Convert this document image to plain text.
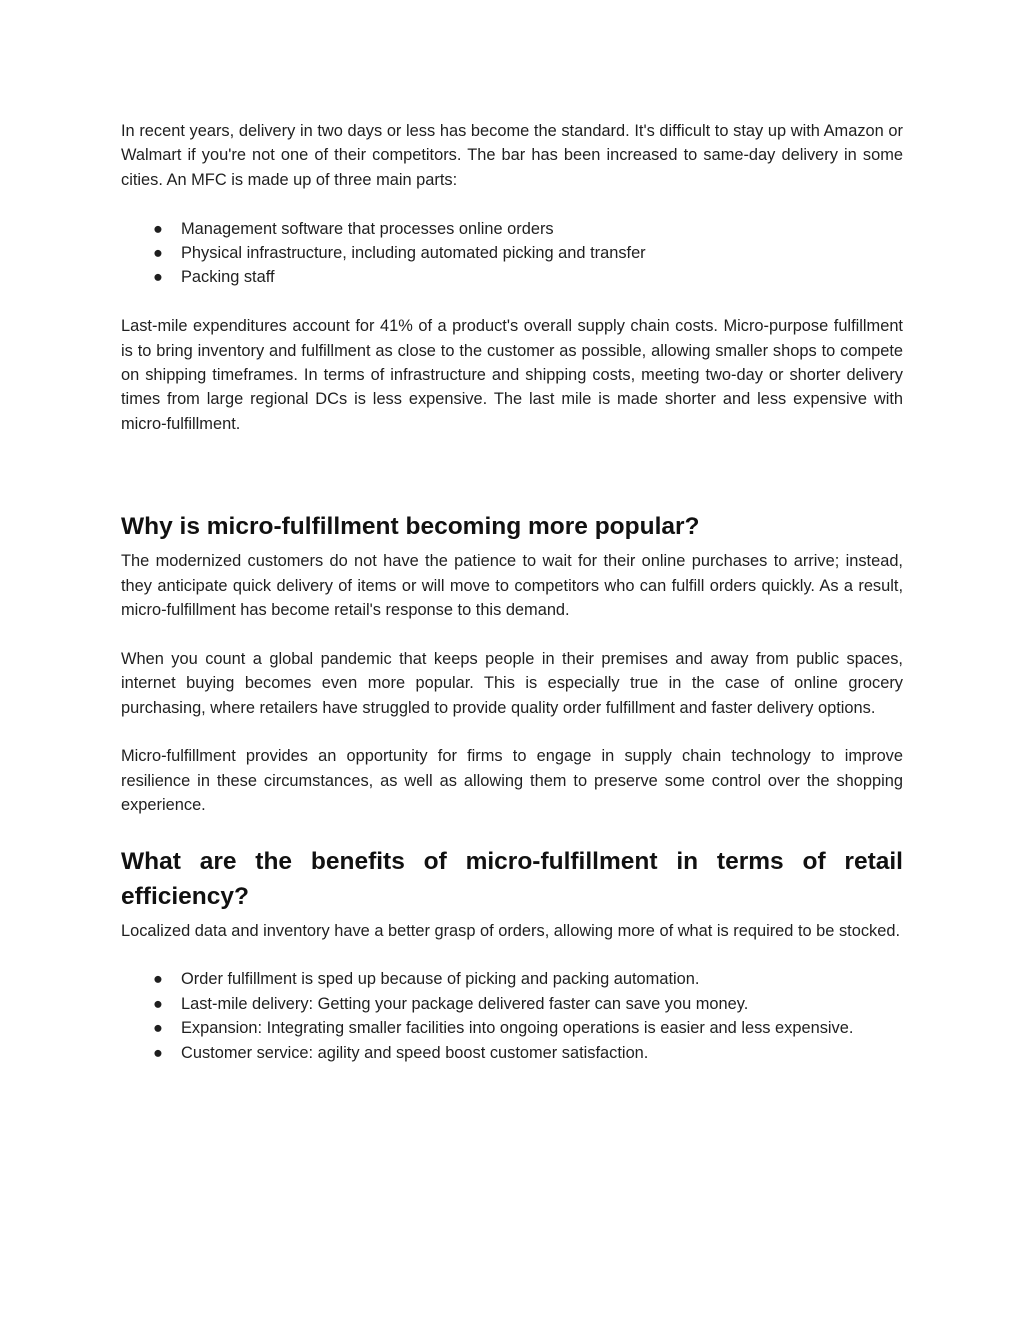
In recent years, delivery in two days or less has become the standard. It's difficult to stay up with Amazon or Walmart if you're not one of their competitors. The bar has been increased to same-day delivery in some cities. An MFC is made up of three main parts:

● Management software that processes online orders
● Physical infrastructure, including automated picking and transfer
● Packing staff

Last-mile expenditures account for 41% of a product's overall supply chain costs. Micro-purpose fulfillment is to bring inventory and fulfillment as close to the customer as possible, allowing smaller shops to compete on shipping timeframes. In terms of infrastructure and shipping costs, meeting two-day or shorter delivery times from large regional DCs is less expensive. The last mile is made shorter and less expensive with micro-fulfillment.

Why is micro-fulfillment becoming more popular?

The modernized customers do not have the patience to wait for their online purchases to arrive; instead, they anticipate quick delivery of items or will move to competitors who can fulfill orders quickly. As a result, micro-fulfillment has become retail's response to this demand.

When you count a global pandemic that keeps people in their premises and away from public spaces, internet buying becomes even more popular. This is especially true in the case of online grocery purchasing, where retailers have struggled to provide quality order fulfillment and faster delivery options.

Micro-fulfillment provides an opportunity for firms to engage in supply chain technology to improve resilience in these circumstances, as well as allowing them to preserve some control over the shopping experience.

What are the benefits of micro-fulfillment in terms of retail efficiency?

Localized data and inventory have a better grasp of orders, allowing more of what is required to be stocked.

● Order fulfillment is sped up because of picking and packing automation.
● Last-mile delivery: Getting your package delivered faster can save you money.
● Expansion: Integrating smaller facilities into ongoing operations is easier and less expensive.
● Customer service: agility and speed boost customer satisfaction.
